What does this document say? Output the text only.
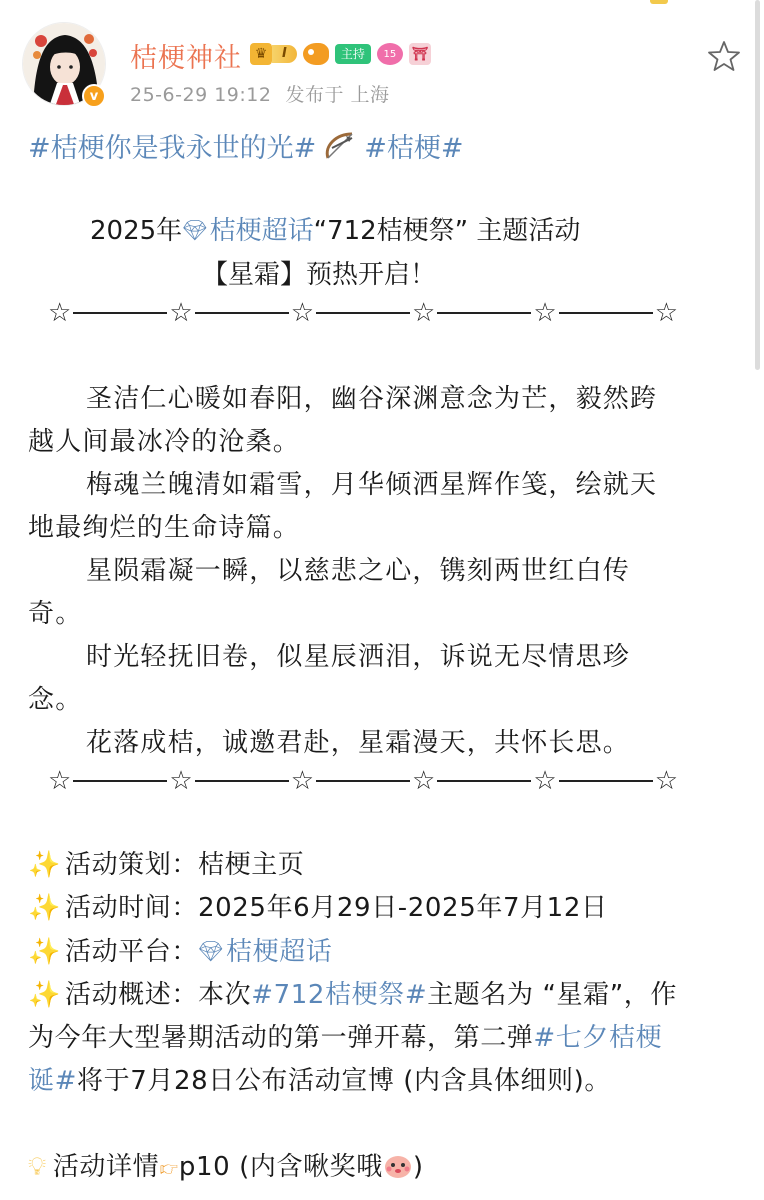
v
桔梗神社 ♛	I	主持	15	⛩
25-6-29 19:12 发布于 上海
#桔梗你是我永世的光# #桔梗#
2025年💎︎桔梗超话“712桔梗祭” 主题活动
【星霜】预热开启！
☆	☆	☆	☆	☆	☆
圣洁仁心暖如春阳，幽谷深渊意念为芒，毅然跨
越人间最冰冷的沧桑。
梅魂兰魄清如霜雪，月华倾洒星辉作笺，绘就天
地最绚烂的生命诗篇。
星陨霜凝一瞬，以慈悲之心，镌刻两世红白传
奇。
时光轻抚旧卷，似星辰洒泪，诉说无尽情思珍
念。
花落成桔，诚邀君赴，星霜漫天，共怀长思。
☆	☆	☆	☆	☆	☆
✨ 活动策划：桔梗主页
✨ 活动时间：2025年6月29日-2025年7月12日
✨ 活动平台：💎︎桔梗超话
✨ 活动概述：本次#712桔梗祭#主题名为 “星霜”，作
为今年大型暑期活动的第一弹开幕，第二弹#七夕桔梗
诞#将于7月28日公布活动宣博 (内含具体细则)。
💡︎ 活动详情👉︎p10 (内含啾奖哦 )
